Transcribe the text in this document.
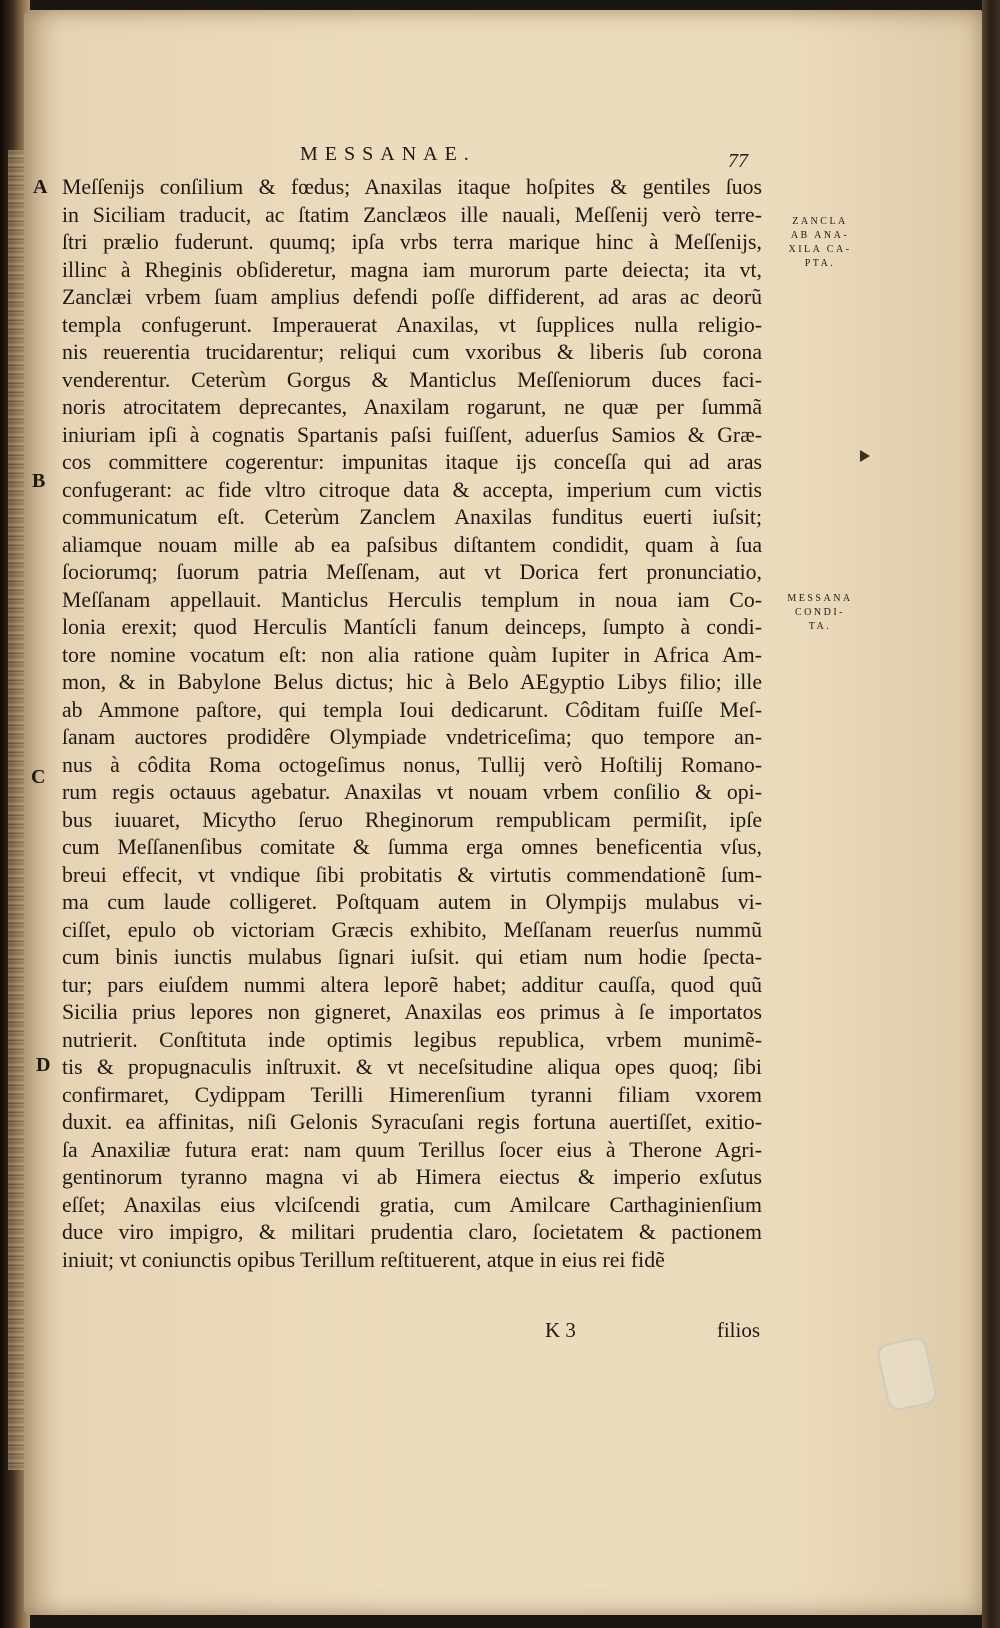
MESSANAE.	77
A
B
C
D
Meſſenijs conſilium & fœdus; Anaxilas itaque hoſpites & gentiles ſuos
in Siciliam traducit, ac ſtatim Zanclæos ille nauali, Meſſenij verò terre-
ſtri prælio fuderunt. quumq; ipſa vrbs terra marique hinc à Meſſenijs,
illinc à Rheginis obſideretur, magna iam murorum parte deiecta; ita vt,
Zanclæi vrbem ſuam amplius defendi poſſe diffiderent, ad aras ac deorũ
templa confugerunt. Imperauerat Anaxilas, vt ſupplices nulla religio-
nis reuerentia trucidarentur; reliqui cum vxoribus & liberis ſub corona
venderentur. Ceterùm Gorgus & Manticlus Meſſeniorum duces faci-
noris atrocitatem deprecantes, Anaxilam rogarunt, ne quæ per ſummã
iniuriam ipſi à cognatis Spartanis paſsi fuiſſent, aduerſus Samios & Græ-
cos committere cogerentur: impunitas itaque ijs conceſſa qui ad aras
confugerant: ac fide vltro citroque data & accepta, imperium cum victis
communicatum eſt. Ceterùm Zanclem Anaxilas funditus euerti iuſsit;
aliamque nouam mille ab ea paſsibus diſtantem condidit, quam à ſua
ſociorumq; ſuorum patria Meſſenam, aut vt Dorica fert pronunciatio,
Meſſanam appellauit. Manticlus Herculis templum in noua iam Co-
lonia erexit; quod Herculis Mantícli fanum deinceps, ſumpto à condi-
tore nomine vocatum eſt: non alia ratione quàm Iupiter in Africa Am-
mon, & in Babylone Belus dictus; hic à Belo AEgyptio Libys filio; ille
ab Ammone paſtore, qui templa Ioui dedicarunt. Côditam fuiſſe Meſ-
ſanam auctores prodidêre Olympiade vndetriceſima; quo tempore an-
nus à côdita Roma octogeſimus nonus, Tullij verò Hoſtilij Romano-
rum regis octauus agebatur. Anaxilas vt nouam vrbem conſilio & opi-
bus iuuaret, Micytho ſeruo Rheginorum rempublicam permiſit, ipſe
cum Meſſanenſibus comitate & ſumma erga omnes beneficentia vſus,
breui effecit, vt vndique ſibi probitatis & virtutis commendationẽ ſum-
ma cum laude colligeret. Poſtquam autem in Olympijs mulabus vi-
ciſſet, epulo ob victoriam Græcis exhibito, Meſſanam reuerſus nummũ
cum binis iunctis mulabus ſignari iuſsit. qui etiam num hodie ſpecta-
tur; pars eiuſdem nummi altera leporẽ habet; additur cauſſa, quod quũ
Sicilia prius lepores non gigneret, Anaxilas eos primus à ſe importatos
nutrierit. Conſtituta inde optimis legibus republica, vrbem munimẽ-
tis & propugnaculis inſtruxit. & vt neceſsitudine aliqua opes quoq; ſibi
confirmaret, Cydippam Terilli Himerenſium tyranni filiam vxorem
duxit. ea affinitas, niſi Gelonis Syracuſani regis fortuna auertiſſet, exitio-
ſa Anaxiliæ futura erat: nam quum Terillus ſocer eius à Therone Agri-
gentinorum tyranno magna vi ab Himera eiectus & imperio exſutus
eſſet; Anaxilas eius vlciſcendi gratia, cum Amilcare Carthaginienſium
duce viro impigro, & militari prudentia claro, ſocietatem & pactionem
iniuit; vt coniunctis opibus Terillum reſtituerent, atque in eius rei fidẽ
ZANCLA
AB ANA-
XILA CA-
PTA.
MESSANA
CONDI-
TA.
K 3	filios
